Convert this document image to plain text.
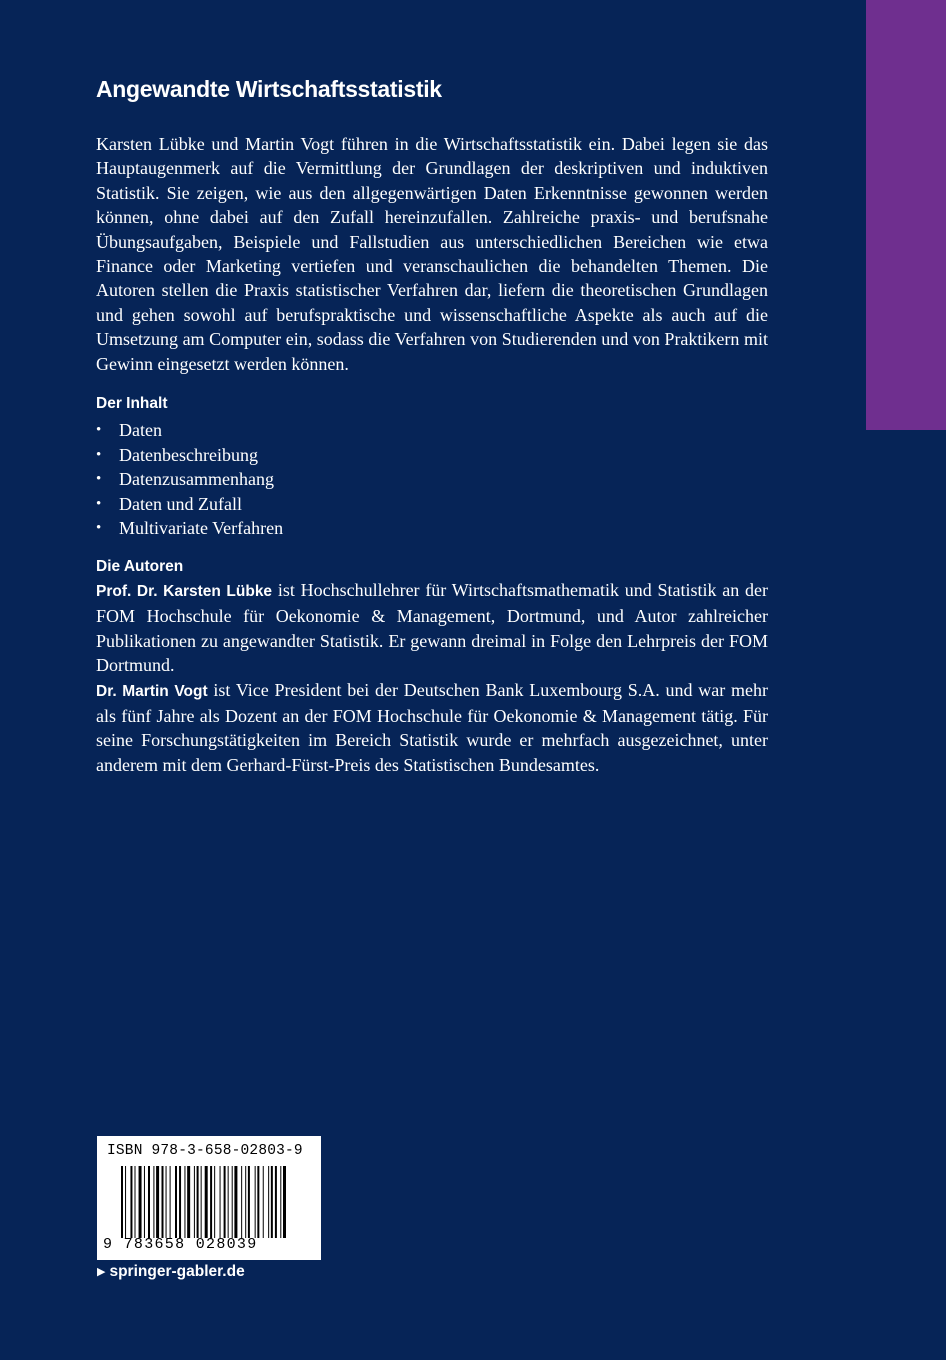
Angewandte Wirtschaftsstatistik

Karsten Lübke und Martin Vogt führen in die Wirtschaftsstatistik ein. Dabei legen sie das Hauptaugenmerk auf die Vermittlung der Grundlagen der deskriptiven und induktiven Statistik. Sie zeigen, wie aus den allgegenwärtigen Daten Erkenntnisse gewonnen werden können, ohne dabei auf den Zufall hereinzufallen. Zahlreiche praxis- und berufsnahe Übungsaufgaben, Beispiele und Fallstudien aus unterschiedlichen Bereichen wie etwa Finance oder Marketing vertiefen und veranschaulichen die behandelten Themen. Die Autoren stellen die Praxis statistischer Verfahren dar, liefern die theoretischen Grundlagen und gehen sowohl auf berufspraktische und wissenschaftliche Aspekte als auch auf die Umsetzung am Computer ein, sodass die Verfahren von Studierenden und von Praktikern mit Gewinn eingesetzt werden können.

Der Inhalt
• Daten
• Datenbeschreibung
• Datenzusammenhang
• Daten und Zufall
• Multivariate Verfahren
Die Autoren

Prof. Dr. Karsten Lübke ist Hochschullehrer für Wirtschaftsmathematik und Statistik an der FOM Hochschule für Oekonomie & Management, Dortmund, und Autor zahlreicher Publikationen zu angewandter Statistik. Er gewann dreimal in Folge den Lehrpreis der FOM Dortmund.

Dr. Martin Vogt ist Vice President bei der Deutschen Bank Luxembourg S.A. und war mehr als fünf Jahre als Dozent an der FOM Hochschule für Oekonomie & Management tätig. Für seine Forschungstätigkeiten im Bereich Statistik wurde er mehrfach ausgezeichnet, unter anderem mit dem Gerhard-Fürst-Preis des Statistischen Bundesamtes.

ISBN 978-3-658-02803-9
9 783658 028039
▶ springer-gabler.de
